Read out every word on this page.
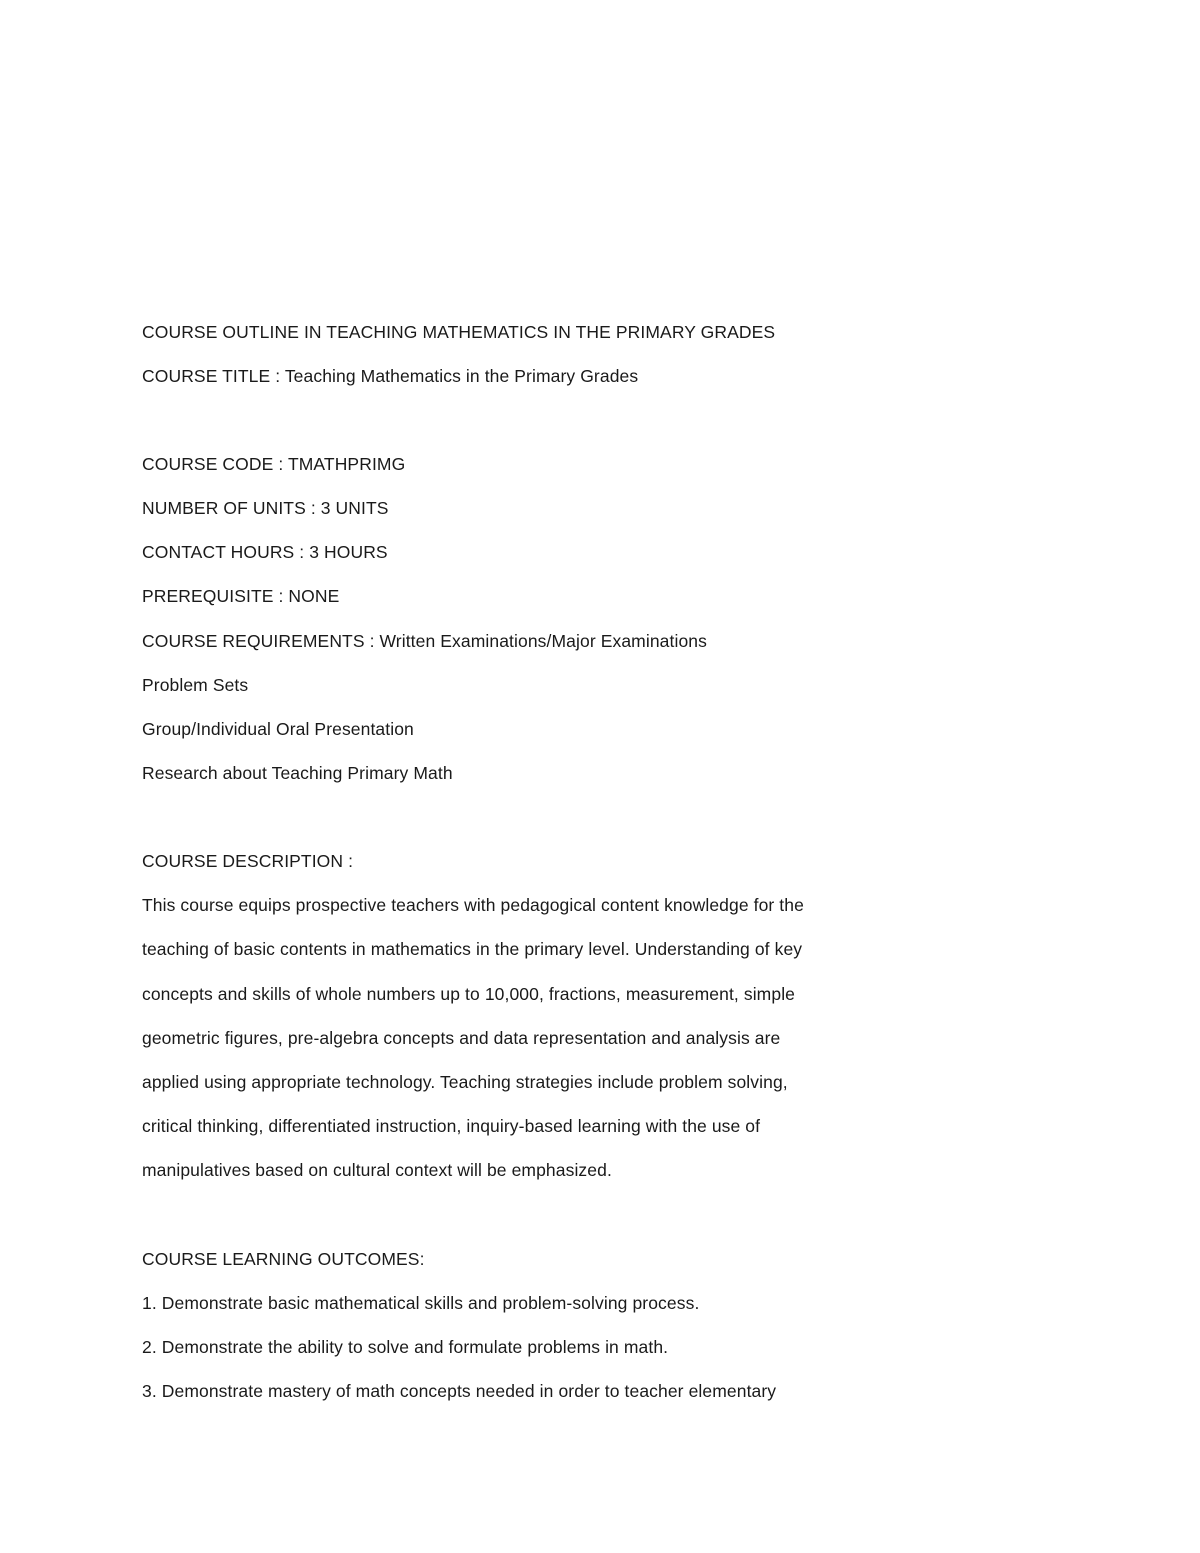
COURSE OUTLINE IN TEACHING MATHEMATICS IN THE PRIMARY GRADES
COURSE TITLE : Teaching Mathematics in the Primary Grades
COURSE CODE : TMATHPRIMG
NUMBER OF UNITS : 3 UNITS
CONTACT HOURS : 3 HOURS
PREREQUISITE : NONE
COURSE REQUIREMENTS : Written Examinations/Major Examinations
Problem Sets
Group/Individual Oral Presentation
Research about Teaching Primary Math
COURSE DESCRIPTION :
This course equips prospective teachers with pedagogical content knowledge for the
teaching of basic contents in mathematics in the primary level. Understanding of key
concepts and skills of whole numbers up to 10,000, fractions, measurement, simple
geometric figures, pre-algebra concepts and data representation and analysis are
applied using appropriate technology. Teaching strategies include problem solving,
critical thinking, differentiated instruction, inquiry-based learning with the use of
manipulatives based on cultural context will be emphasized.
COURSE LEARNING OUTCOMES:
1. Demonstrate basic mathematical skills and problem-solving process.
2. Demonstrate the ability to solve and formulate problems in math.
3. Demonstrate mastery of math concepts needed in order to teacher elementary
